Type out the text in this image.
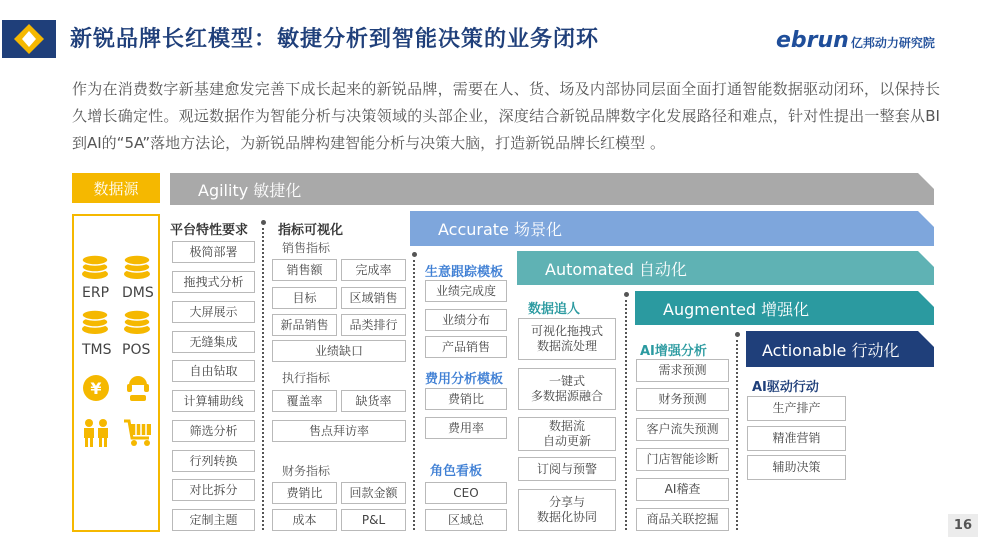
新锐品牌长红模型：敏捷分析到智能决策的业务闭环	ebrun 亿邦动力研究院
作为在消费数字新基建愈发完善下成长起来的新锐品牌，需要在人、货、场及内部协同层面全面打通智能数据驱动闭环，以保持长久增长确定性。观远数据作为智能分析与决策领域的头部企业，深度结合新锐品牌数字化发展路径和难点，针对性提出一整套从BI到AI的“5A”落地方法论，为新锐品牌构建智能分析与决策大脑，打造新锐品牌长红模型 。
数据源
ERP DMS
TMS POS
¥
Agility 敏捷化
Accurate 场景化
Automated 自动化
Augmented 增强化
Actionable 行动化
平台特性要求
极简部署
拖拽式分析
大屏展示
无缝集成
自由钻取
计算辅助线
筛选分析
行列转换
对比拆分
定制主题
指标可视化
销售指标
销售额	完成率
目标	区域销售
新品销售	品类排行
业绩缺口
执行指标
覆盖率	缺货率
售点拜访率
财务指标
费销比	回款金额
成本	P&L
生意跟踪模板
业绩完成度
业绩分布
产品销售
费用分析模板
费销比
费用率
角色看板
CEO
区域总
数据追人
可视化拖拽式
数据流处理
一键式
多数据源融合
数据流
自动更新
订阅与预警
分享与
数据化协同
AI增强分析
需求预测
财务预测
客户流失预测
门店智能诊断
AI稽查
商品关联挖掘
AI驱动行动
生产排产
精准营销
辅助决策
16
